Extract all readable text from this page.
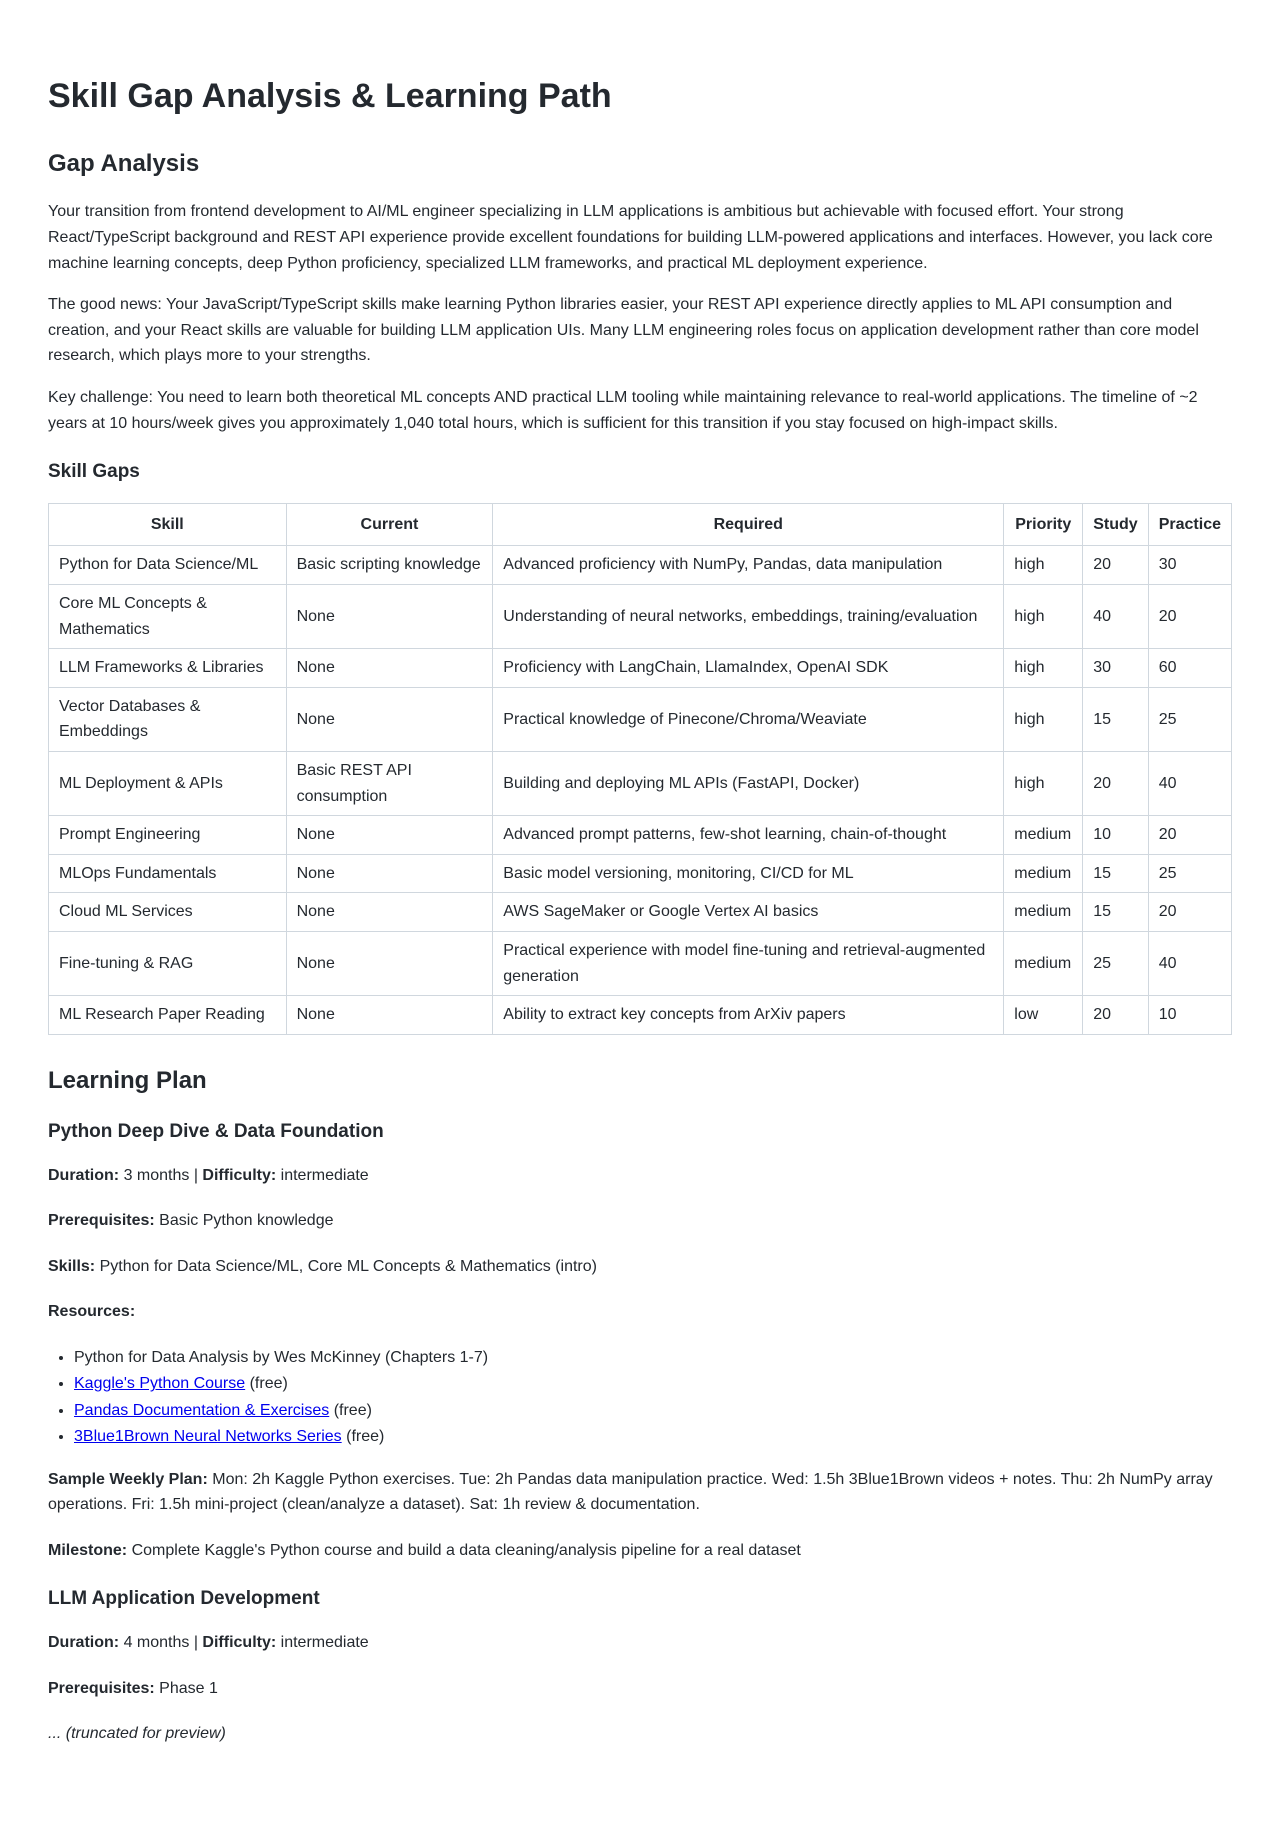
Skill Gap Analysis & Learning Path
Gap Analysis

Your transition from frontend development to AI/ML engineer specializing in LLM applications is ambitious but achievable with focused effort. Your strong React/TypeScript background and REST API experience provide excellent foundations for building LLM-powered applications and interfaces. However, you lack core machine learning concepts, deep Python proficiency, specialized LLM frameworks, and practical ML deployment experience.

The good news: Your JavaScript/TypeScript skills make learning Python libraries easier, your REST API experience directly applies to ML API consumption and creation, and your React skills are valuable for building LLM application UIs. Many LLM engineering roles focus on application development rather than core model research, which plays more to your strengths.

Key challenge: You need to learn both theoretical ML concepts AND practical LLM tooling while maintaining relevance to real-world applications. The timeline of ~2 years at 10 hours/week gives you approximately 1,040 total hours, which is sufficient for this transition if you stay focused on high-impact skills.

Skill Gaps
Skill	Current	Required	Priority	Study	Practice
Python for Data Science/ML	Basic scripting knowledge	Advanced proficiency with NumPy, Pandas, data manipulation	high	20	30
Core ML Concepts & Mathematics	None	Understanding of neural networks, embeddings, training/evaluation	high	40	20
LLM Frameworks & Libraries	None	Proficiency with LangChain, LlamaIndex, OpenAI SDK	high	30	60
Vector Databases & Embeddings	None	Practical knowledge of Pinecone/Chroma/Weaviate	high	15	25
ML Deployment & APIs	Basic REST API consumption	Building and deploying ML APIs (FastAPI, Docker)	high	20	40
Prompt Engineering	None	Advanced prompt patterns, few-shot learning, chain-of-thought	medium	10	20
MLOps Fundamentals	None	Basic model versioning, monitoring, CI/CD for ML	medium	15	25
Cloud ML Services	None	AWS SageMaker or Google Vertex AI basics	medium	15	20
Fine-tuning & RAG	None	Practical experience with model fine-tuning and retrieval-augmented generation	medium	25	40
ML Research Paper Reading	None	Ability to extract key concepts from ArXiv papers	low	20	10
Learning Plan
Python Deep Dive & Data Foundation

Duration: 3 months | Difficulty: intermediate

Prerequisites: Basic Python knowledge

Skills: Python for Data Science/ML, Core ML Concepts & Mathematics (intro)

Resources:

• Python for Data Analysis by Wes McKinney (Chapters 1-7)
• Kaggle's Python Course (free)
• Pandas Documentation & Exercises (free)
• 3Blue1Brown Neural Networks Series (free)

Sample Weekly Plan: Mon: 2h Kaggle Python exercises. Tue: 2h Pandas data manipulation practice. Wed: 1.5h 3Blue1Brown videos + notes. Thu: 2h NumPy array operations. Fri: 1.5h mini-project (clean/analyze a dataset). Sat: 1h review & documentation.

Milestone: Complete Kaggle's Python course and build a data cleaning/analysis pipeline for a real dataset

LLM Application Development

Duration: 4 months | Difficulty: intermediate

Prerequisites: Phase 1

... (truncated for preview)
